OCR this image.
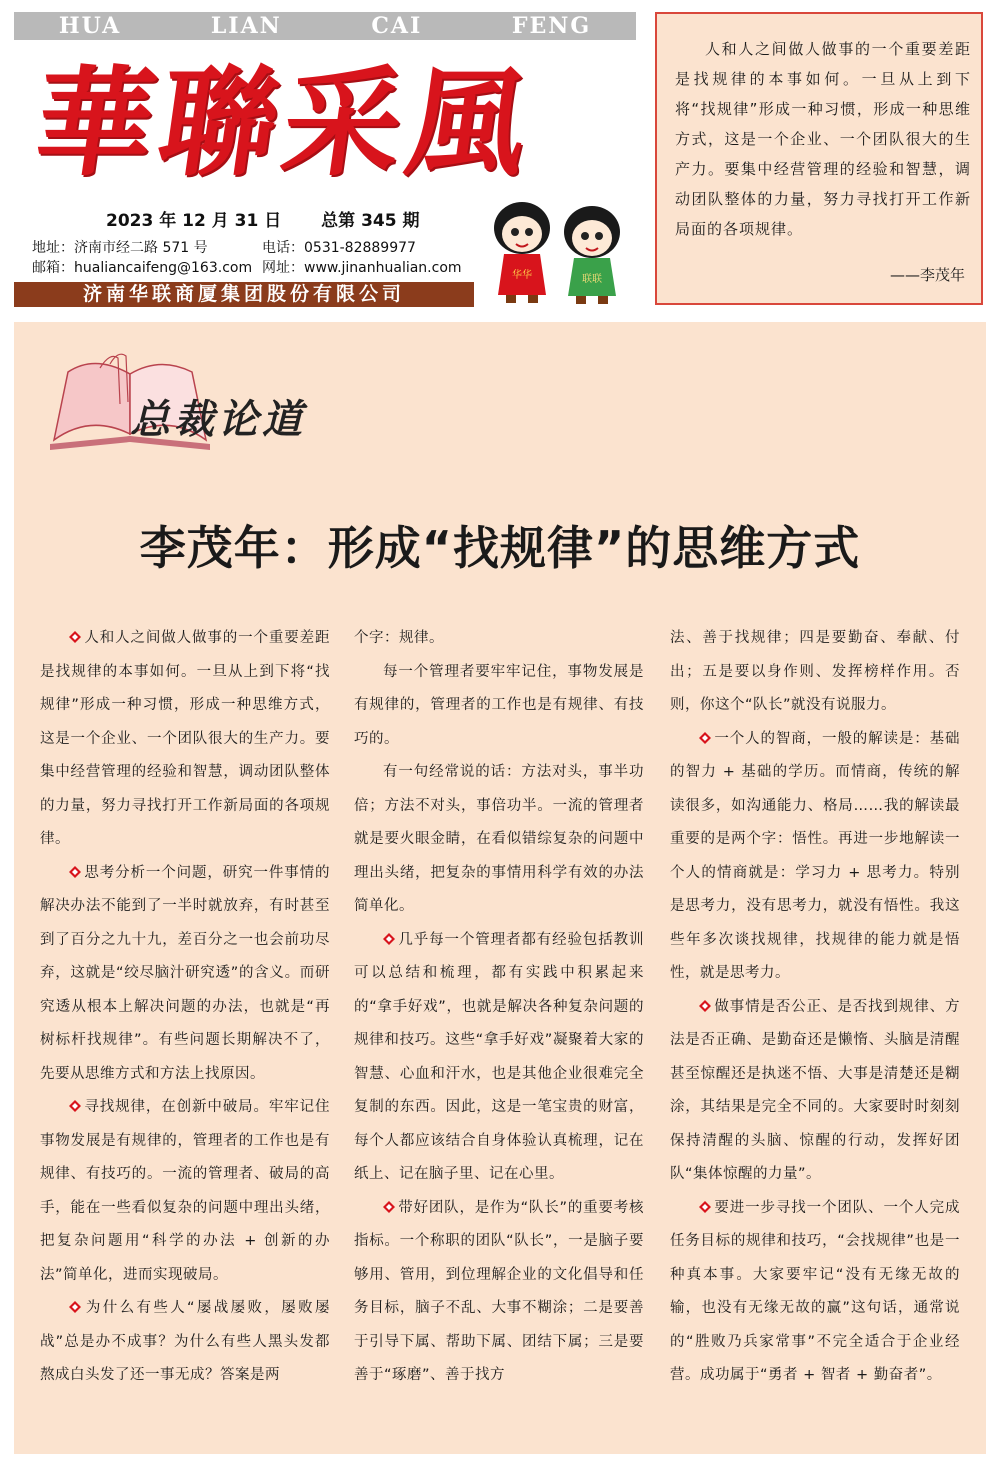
HUA	LIAN	CAI	FENG
華聯采風
2023 年 12 月 31 日 总第 345 期
地址：济南市经二路 571 号	电话：0531-82889977
邮箱：hualiancaifeng@163.com 网址：www.jinanhualian.com
济南华联商厦集团股份有限公司
华华	联联
人和人之间做人做事的一个重要差距是找规律的本事如何。一旦从上到下将“找规律”形成一种习惯，形成一种思维方式，这是一个企业、一个团队很大的生产力。要集中经营管理的经验和智慧，调动团队整体的力量，努力寻找打开工作新局面的各项规律。
——李茂年
总裁论道
李茂年：形成“找规律”的思维方式

人和人之间做人做事的一个重要差距是找规律的本事如何。一旦从上到下将“找规律”形成一种习惯，形成一种思维方式，这是一个企业、一个团队很大的生产力。要集中经营管理的经验和智慧，调动团队整体的力量，努力寻找打开工作新局面的各项规律。

思考分析一个问题，研究一件事情的解决办法不能到了一半时就放弃，有时甚至到了百分之九十九，差百分之一也会前功尽弃，这就是“绞尽脑汁研究透”的含义。而研究透从根本上解决问题的办法，也就是“再树标杆找规律”。有些问题长期解决不了，先要从思维方式和方法上找原因。

寻找规律，在创新中破局。牢牢记住事物发展是有规律的，管理者的工作也是有规律、有技巧的。一流的管理者、破局的高手，能在一些看似复杂的问题中理出头绪，把复杂问题用“科学的办法 + 创新的办法”简单化，进而实现破局。

为什么有些人“屡战屡败，屡败屡战”总是办不成事？为什么有些人黑头发都熬成白头发了还一事无成？答案是两

个字：规律。

每一个管理者要牢牢记住，事物发展是有规律的，管理者的工作也是有规律、有技巧的。

有一句经常说的话：方法对头，事半功倍；方法不对头，事倍功半。一流的管理者就是要火眼金睛，在看似错综复杂的问题中理出头绪，把复杂的事情用科学有效的办法简单化。

几乎每一个管理者都有经验包括教训可以总结和梳理，都有实践中积累起来的“拿手好戏”，也就是解决各种复杂问题的规律和技巧。这些“拿手好戏”凝聚着大家的智慧、心血和汗水，也是其他企业很难完全复制的东西。因此，这是一笔宝贵的财富，每个人都应该结合自身体验认真梳理，记在纸上、记在脑子里、记在心里。

带好团队，是作为“队长”的重要考核指标。一个称职的团队“队长”，一是脑子要够用、管用，到位理解企业的文化倡导和任务目标，脑子不乱、大事不糊涂；二是要善于引导下属、帮助下属、团结下属；三是要善于“琢磨”、善于找方

法、善于找规律；四是要勤奋、奉献、付出；五是要以身作则、发挥榜样作用。否则，你这个“队长”就没有说服力。

一个人的智商，一般的解读是：基础的智力 + 基础的学历。而情商，传统的解读很多，如沟通能力、格局……我的解读最重要的是两个字：悟性。再进一步地解读一个人的情商就是：学习力 + 思考力。特别是思考力，没有思考力，就没有悟性。我这些年多次谈找规律，找规律的能力就是悟性，就是思考力。

做事情是否公正、是否找到规律、方法是否正确、是勤奋还是懒惰、头脑是清醒甚至惊醒还是执迷不悟、大事是清楚还是糊涂，其结果是完全不同的。大家要时时刻刻保持清醒的头脑、惊醒的行动，发挥好团队“集体惊醒的力量”。

要进一步寻找一个团队、一个人完成任务目标的规律和技巧，“会找规律”也是一种真本事。大家要牢记“没有无缘无故的输，也没有无缘无故的赢”这句话，通常说的“胜败乃兵家常事”不完全适合于企业经营。成功属于“勇者 + 智者 + 勤奋者”。
